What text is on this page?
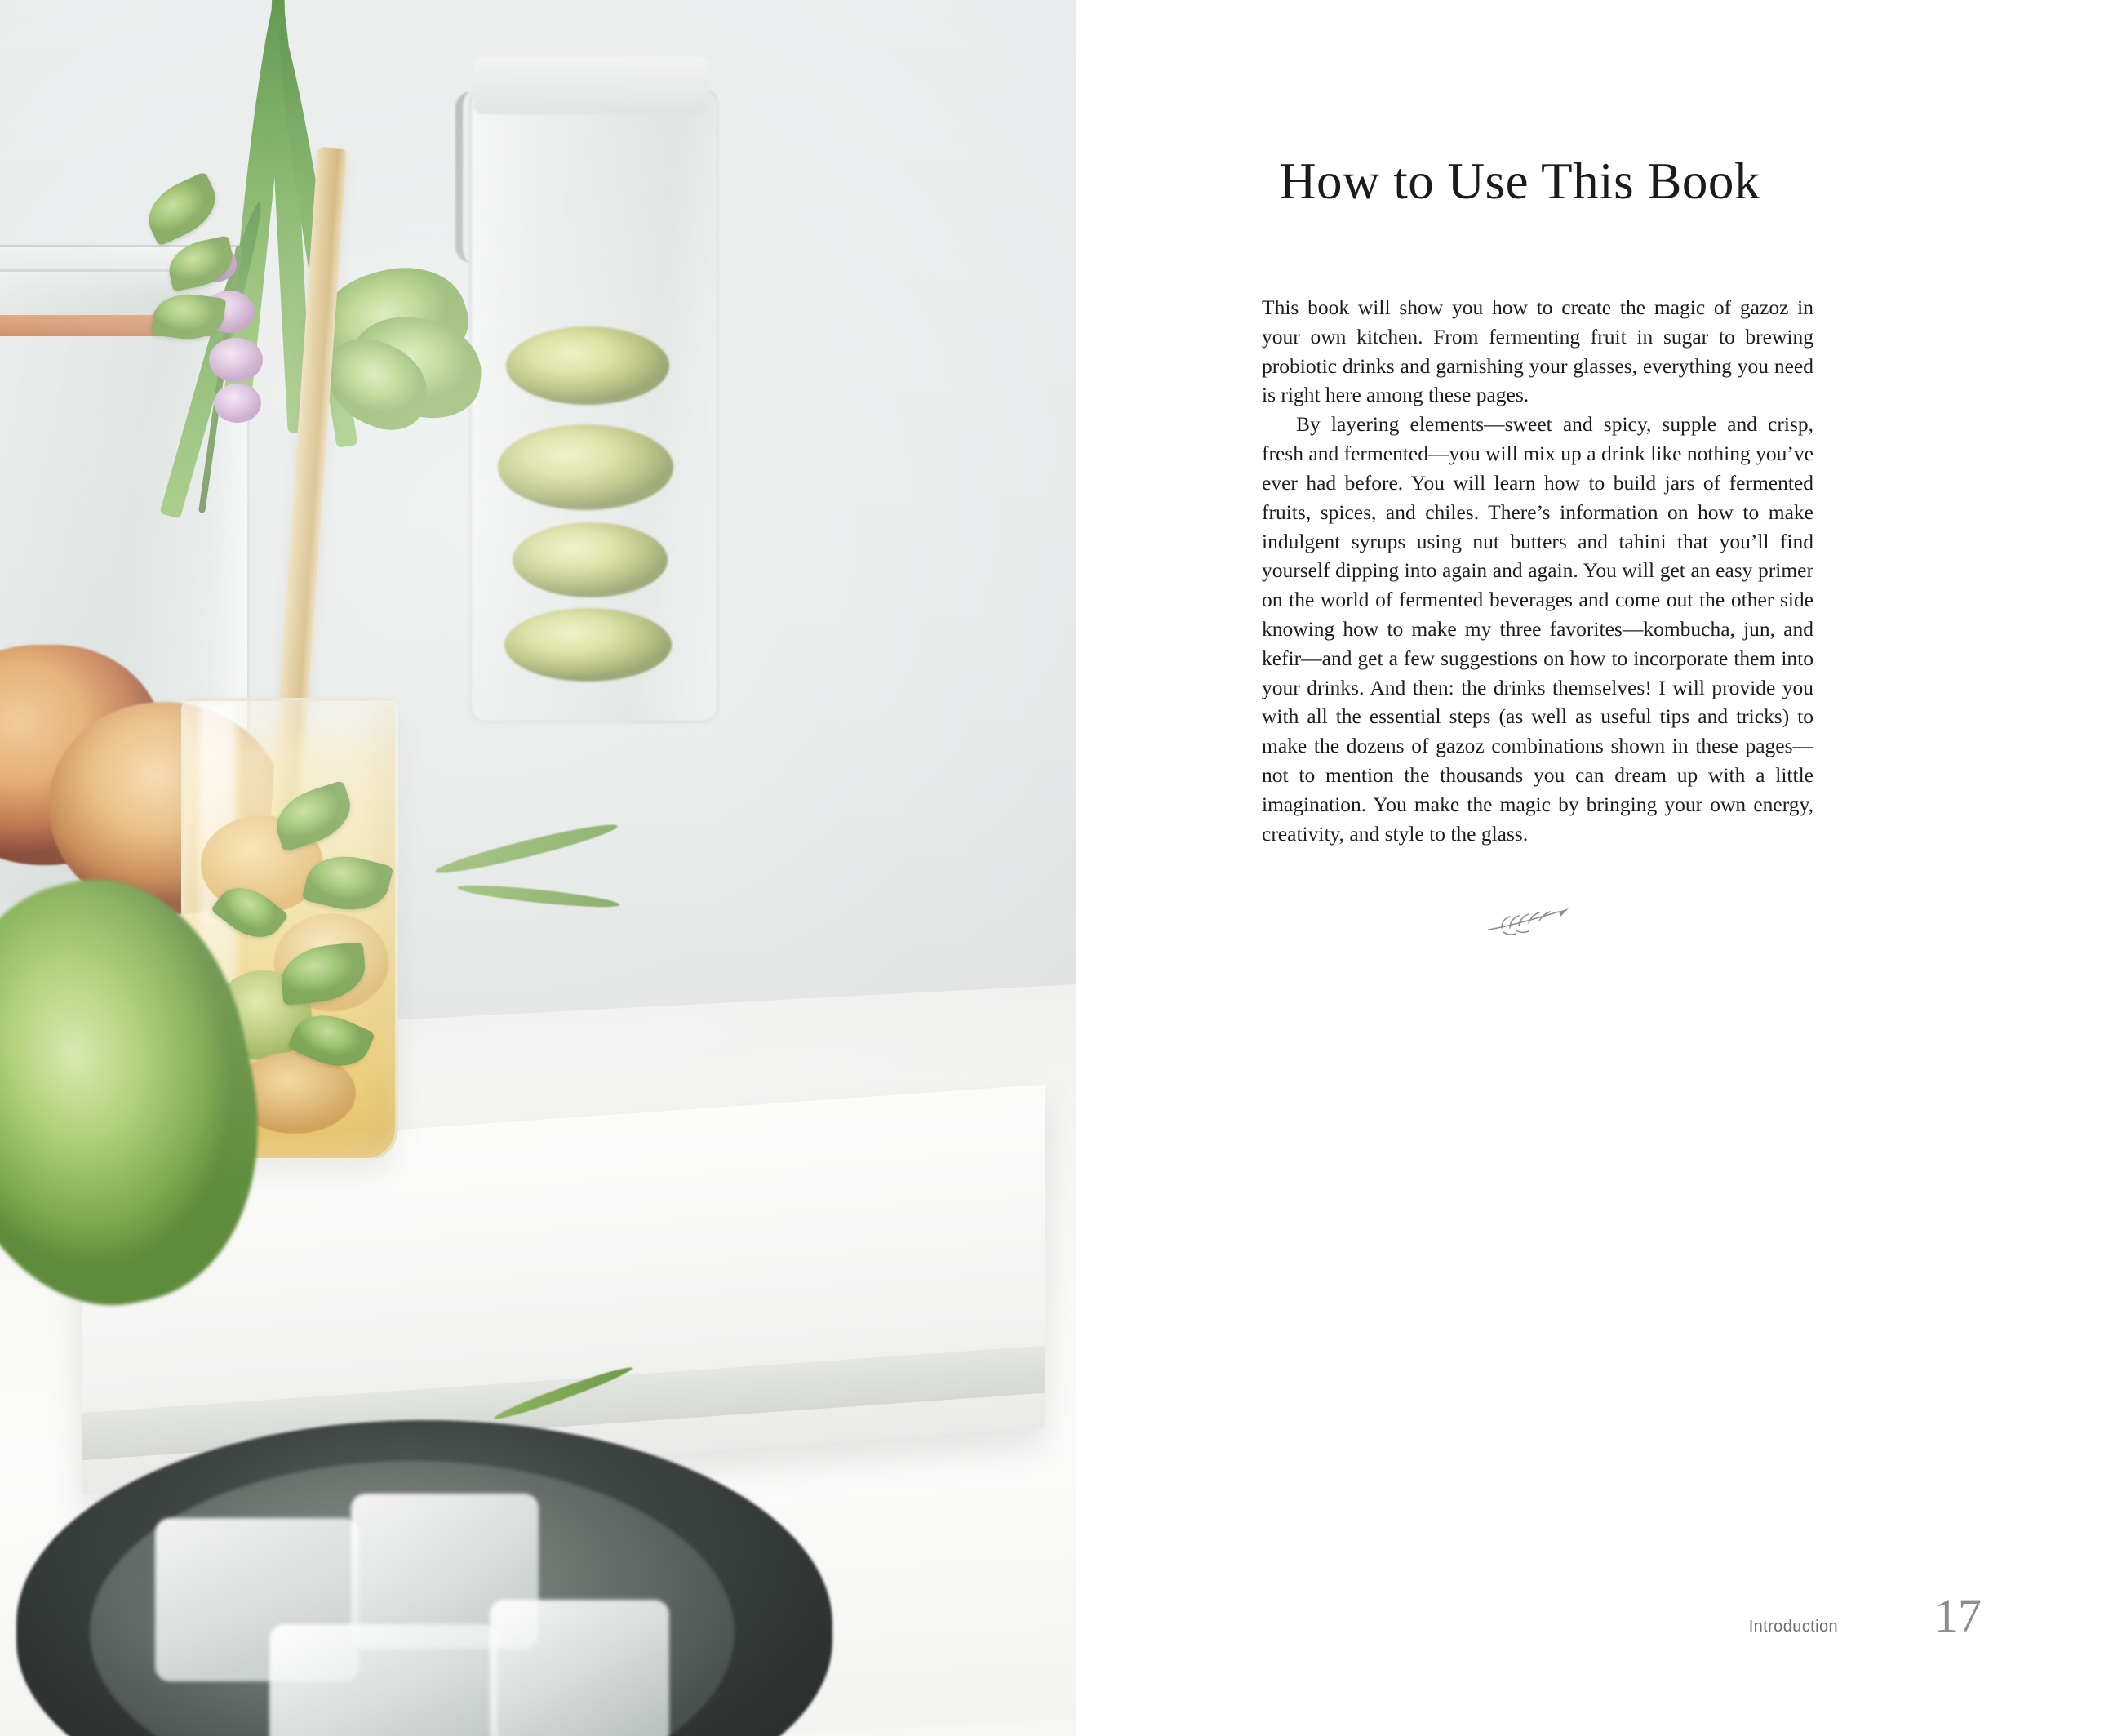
How to Use This Book

This book will show you how to create the magic of gazoz in your own kitchen. From fermenting fruit in sugar to brewing probiotic drinks and garnishing your glasses, everything you need is right here among these pages.

By layering elements—sweet and spicy, supple and crisp, fresh and fermented—you will mix up a drink like nothing you’ve ever had before. You will learn how to build jars of fermented fruits, spices, and chiles. There’s information on how to make indulgent syrups using nut butters and tahini that you’ll find yourself dipping into again and again. You will get an easy primer on the world of fermented beverages and come out the other side knowing how to make my three favorites—kombucha, jun, and kefir—and get a few suggestions on how to incorporate them into your drinks. And then: the drinks themselves! I will provide you with all the essential steps (as well as useful tips and tricks) to make the dozens of gazoz combinations shown in these pages—not to mention the thousands you can dream up with a little imagination. You make the magic by bringing your own energy, creativity, and style to the glass.

Introduction 17
